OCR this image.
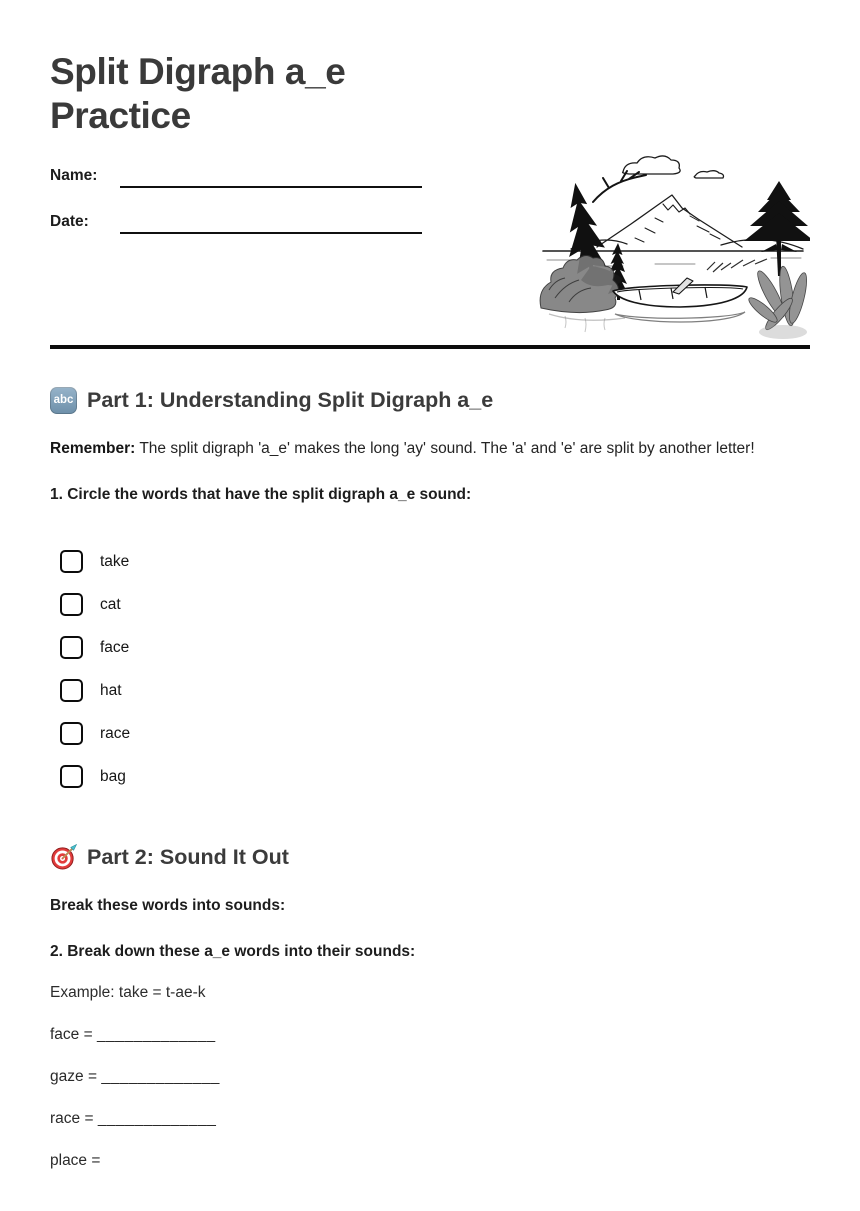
Split Digraph a_e Practice
Name:
Date:
abc Part 1: Understanding Split Digraph a_e

Remember: The split digraph 'a_e' makes the long 'ay' sound. The 'a' and 'e' are split by another letter!

1. Circle the words that have the split digraph a_e sound:

take
cat
face
hat
race
bag
Part 2: Sound It Out

Break these words into sounds:

2. Break down these a_e words into their sounds:

Example: take = t-ae-k

face = _____________

gaze = _____________

race = _____________

place =
